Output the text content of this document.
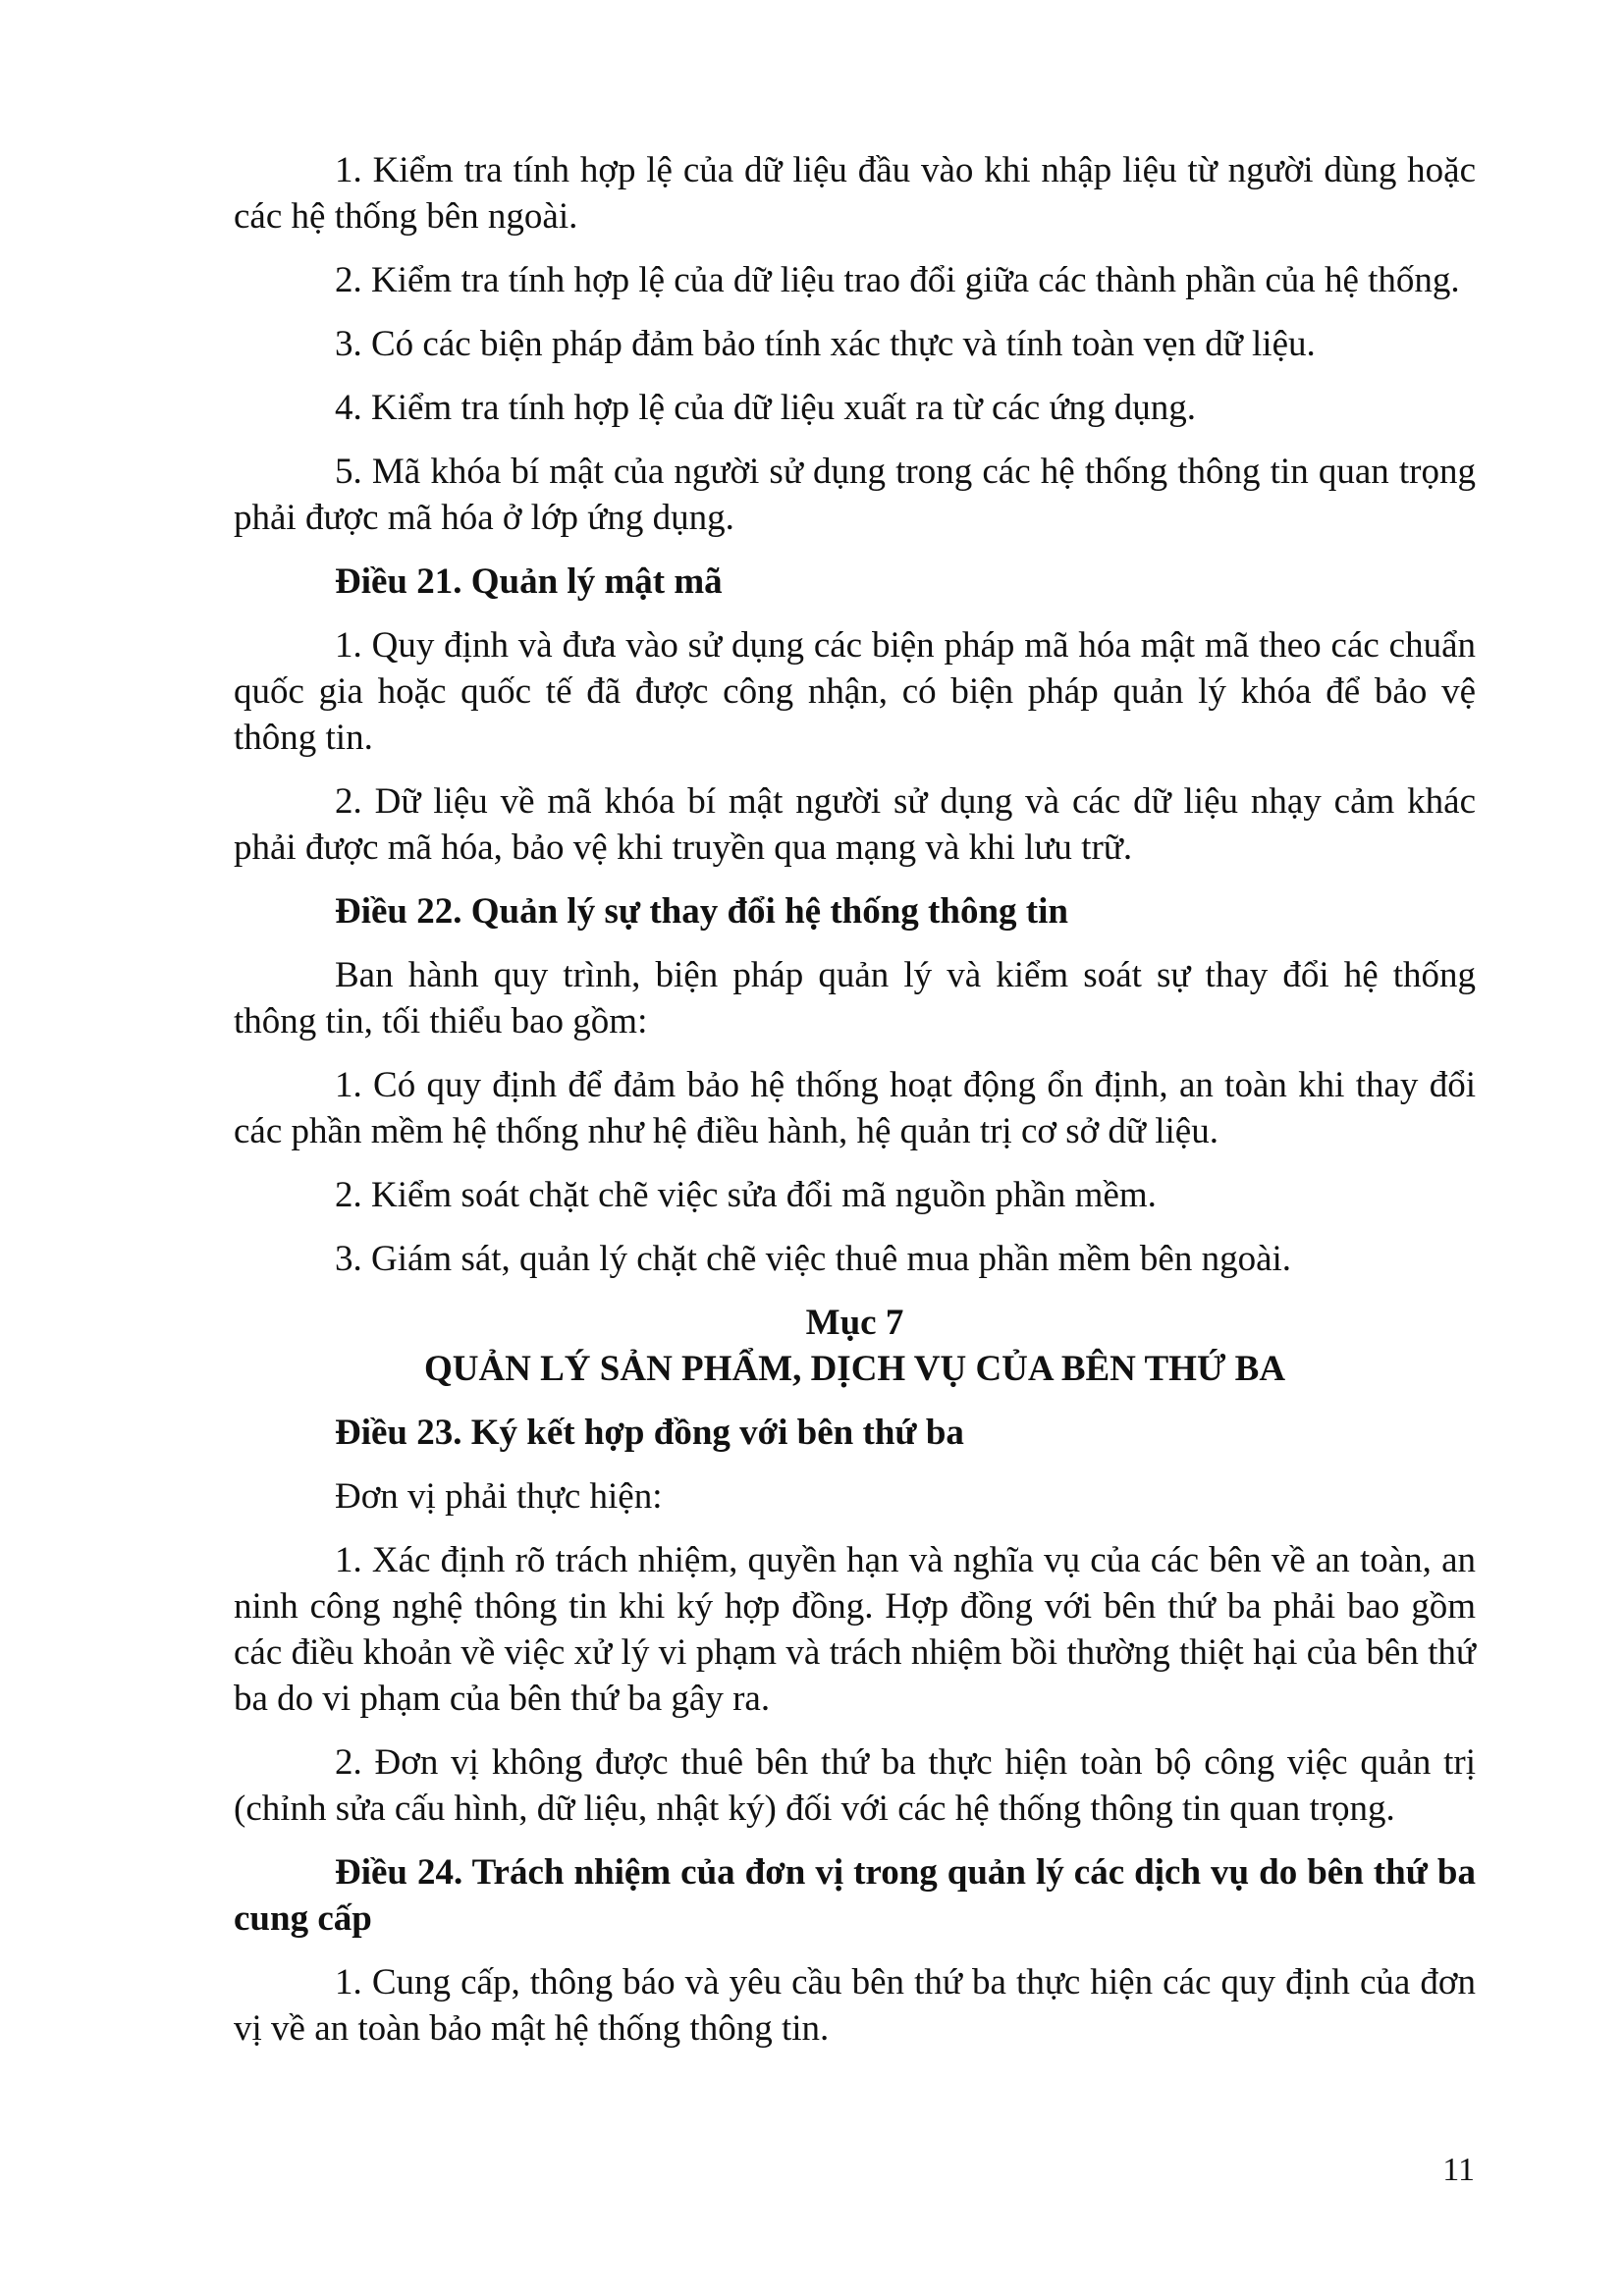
1. Kiểm tra tính hợp lệ của dữ liệu đầu vào khi nhập liệu từ người dùng hoặc các hệ thống bên ngoài.

2. Kiểm tra tính hợp lệ của dữ liệu trao đổi giữa các thành phần của hệ thống.

3. Có các biện pháp đảm bảo tính xác thực và tính toàn vẹn dữ liệu.

4. Kiểm tra tính hợp lệ của dữ liệu xuất ra từ các ứng dụng.

5. Mã khóa bí mật của người sử dụng trong các hệ thống thông tin quan trọng phải được mã hóa ở lớp ứng dụng.

Điều 21. Quản lý mật mã

1. Quy định và đưa vào sử dụng các biện pháp mã hóa mật mã theo các chuẩn quốc gia hoặc quốc tế đã được công nhận, có biện pháp quản lý khóa để bảo vệ thông tin.

2. Dữ liệu về mã khóa bí mật người sử dụng và các dữ liệu nhạy cảm khác phải được mã hóa, bảo vệ khi truyền qua mạng và khi lưu trữ.

Điều 22. Quản lý sự thay đổi hệ thống thông tin

Ban hành quy trình, biện pháp quản lý và kiểm soát sự thay đổi hệ thống thông tin, tối thiểu bao gồm:

1. Có quy định để đảm bảo hệ thống hoạt động ổn định, an toàn khi thay đổi các phần mềm hệ thống như hệ điều hành, hệ quản trị cơ sở dữ liệu.

2. Kiểm soát chặt chẽ việc sửa đổi mã nguồn phần mềm.

3. Giám sát, quản lý chặt chẽ việc thuê mua phần mềm bên ngoài.

Mục 7

QUẢN LÝ SẢN PHẨM, DỊCH VỤ CỦA BÊN THỨ BA

Điều 23. Ký kết hợp đồng với bên thứ ba

Đơn vị phải thực hiện:

1. Xác định rõ trách nhiệm, quyền hạn và nghĩa vụ của các bên về an toàn, an ninh công nghệ thông tin khi ký hợp đồng. Hợp đồng với bên thứ ba phải bao gồm các điều khoản về việc xử lý vi phạm và trách nhiệm bồi thường thiệt hại của bên thứ ba do vi phạm của bên thứ ba gây ra.

2. Đơn vị không được thuê bên thứ ba thực hiện toàn bộ công việc quản trị (chỉnh sửa cấu hình, dữ liệu, nhật ký) đối với các hệ thống thông tin quan trọng.

Điều 24. Trách nhiệm của đơn vị trong quản lý các dịch vụ do bên thứ ba cung cấp

1. Cung cấp, thông báo và yêu cầu bên thứ ba thực hiện các quy định của đơn vị về an toàn bảo mật hệ thống thông tin.

11
